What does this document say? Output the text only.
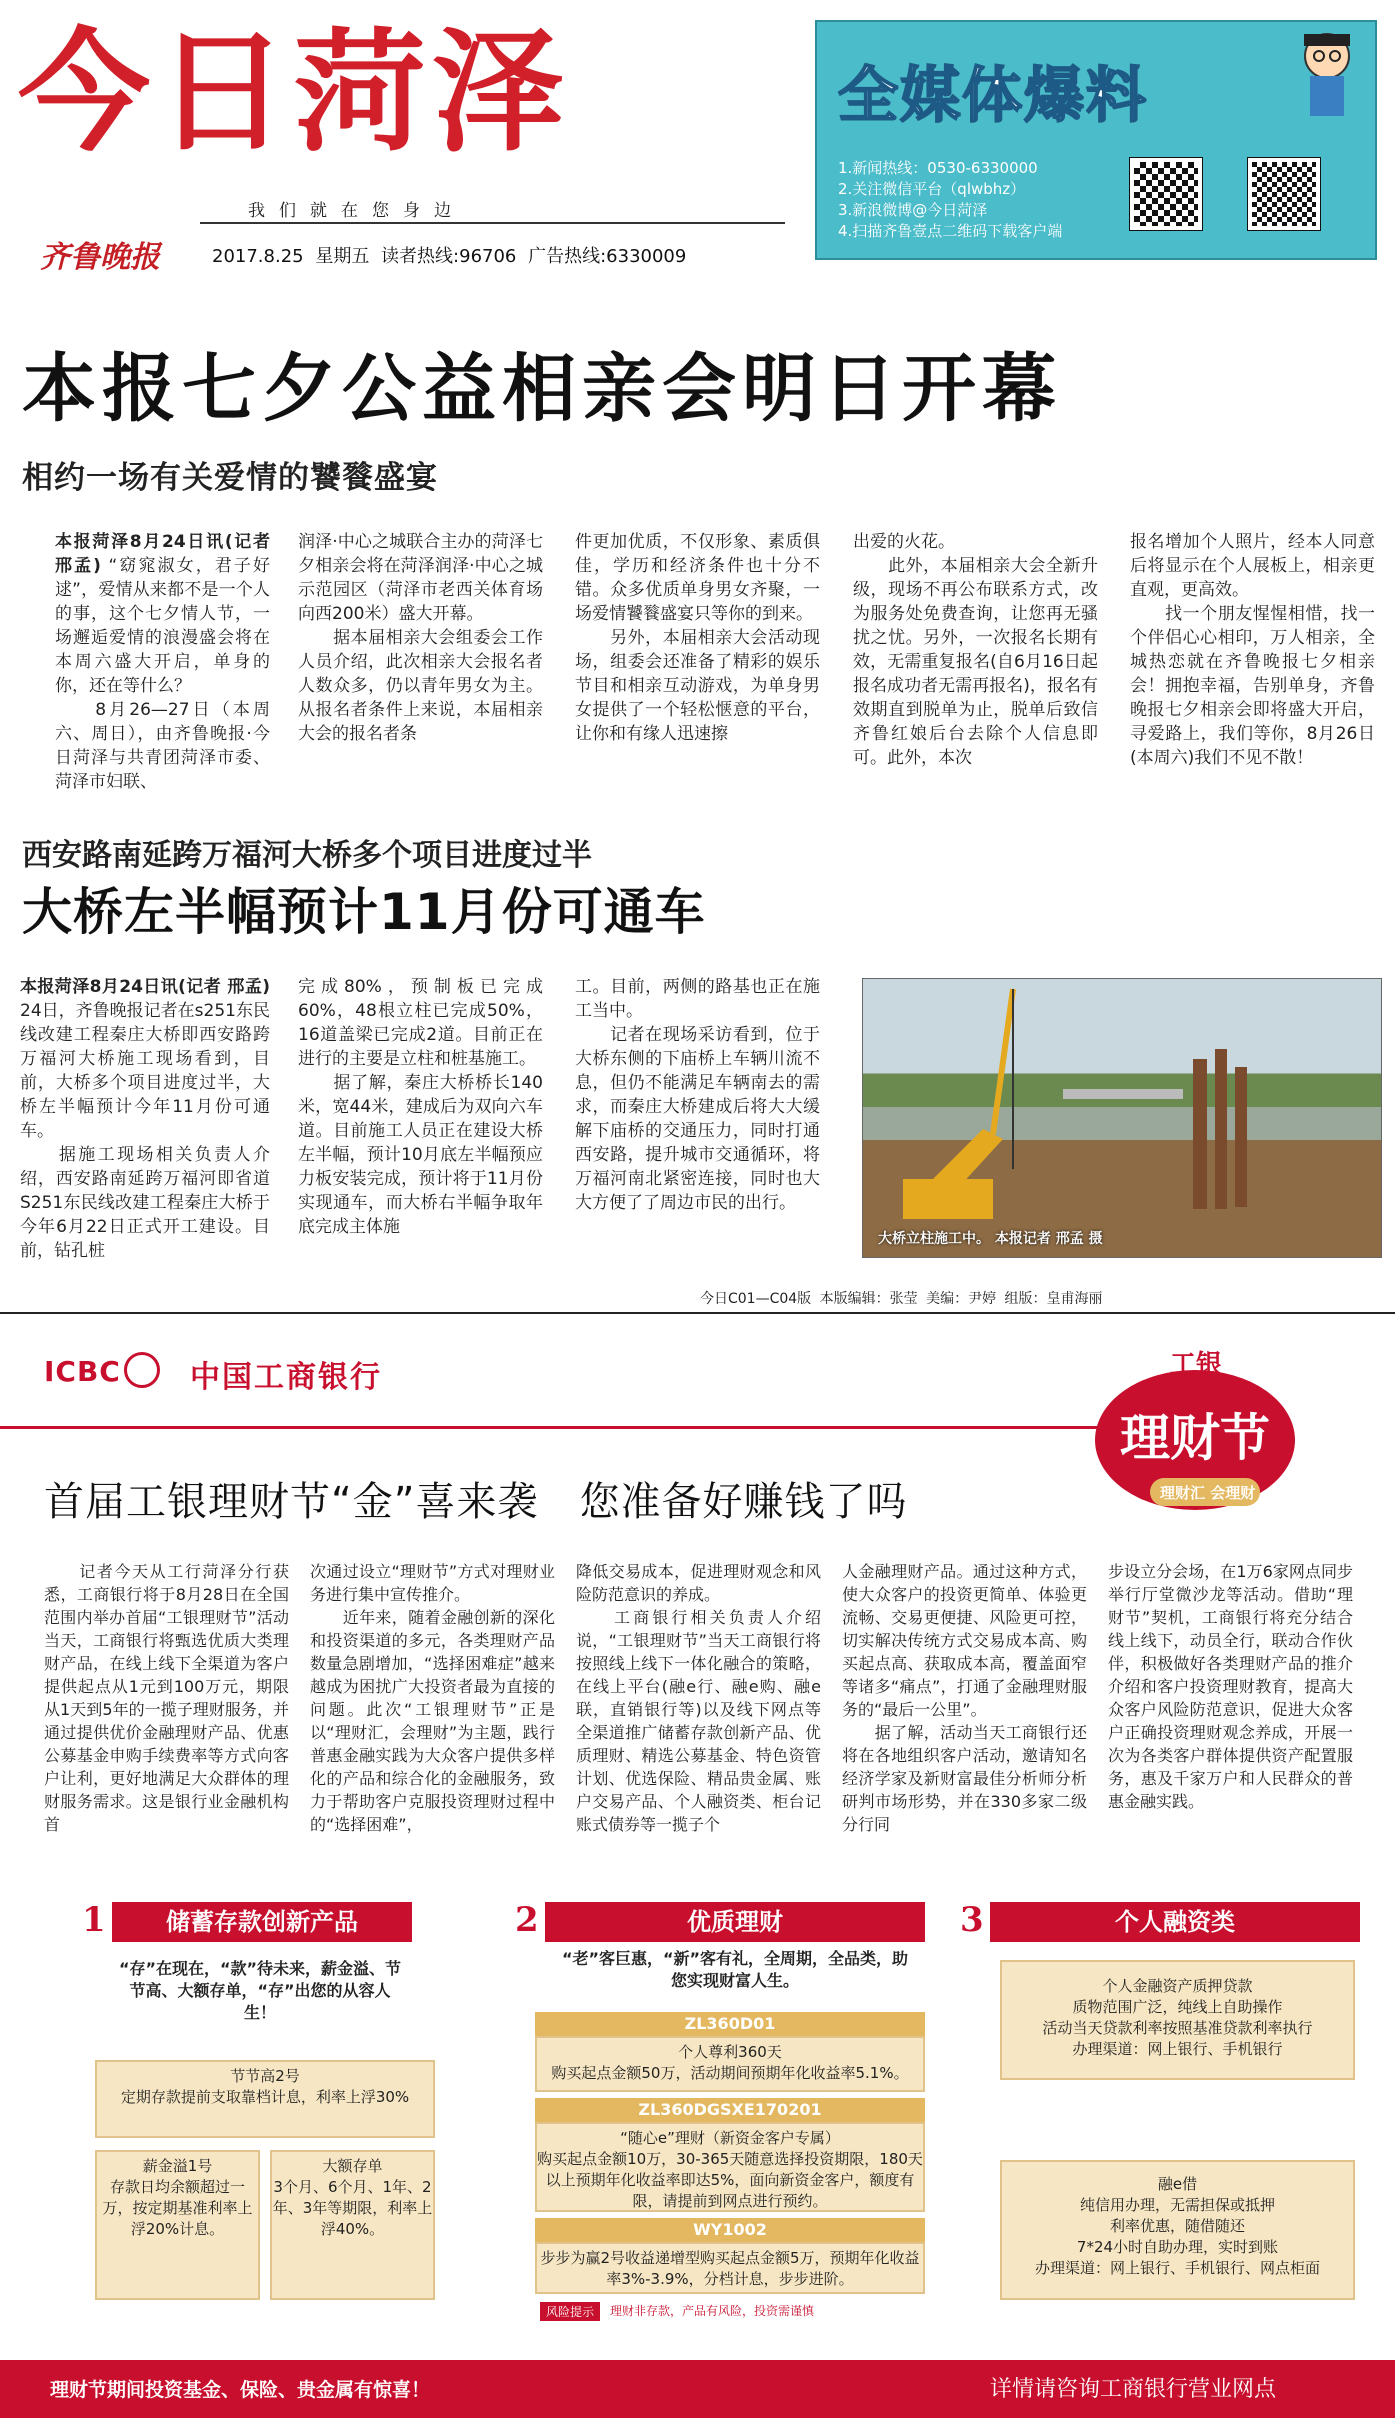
今日菏泽
我们就在您身边
齐鲁晚报	2017.8.25 星期五 读者热线:96706 广告热线:6330009
全媒体爆料
1.新闻热线：0530-6330000
2.关注微信平台（qlwbhz）
3.新浪微博@今日菏泽
4.扫描齐鲁壹点二维码下载客户端
本报七夕公益相亲会明日开幕
相约一场有关爱情的饕餮盛宴
本报菏泽8月24日讯(记者 邢孟) “窈窕淑女，君子好逑”，爱情从来都不是一个人的事，这个七夕情人节，一场邂逅爱情的浪漫盛会将在本周六盛大开启，单身的你，还在等什么？
　　8月26—27日（本周六、周日），由齐鲁晚报·今日菏泽与共青团菏泽市委、菏泽市妇联、
润泽·中心之城联合主办的菏泽七夕相亲会将在菏泽润泽·中心之城示范园区（菏泽市老西关体育场向西200米）盛大开幕。
　　据本届相亲大会组委会工作人员介绍，此次相亲大会报名者人数众多，仍以青年男女为主。从报名者条件上来说，本届相亲大会的报名者条
件更加优质，不仅形象、素质俱佳，学历和经济条件也十分不错。众多优质单身男女齐聚，一场爱情饕餮盛宴只等你的到来。
　　另外，本届相亲大会活动现场，组委会还准备了精彩的娱乐节目和相亲互动游戏，为单身男女提供了一个轻松惬意的平台，让你和有缘人迅速擦
出爱的火花。
　　此外，本届相亲大会全新升级，现场不再公布联系方式，改为服务处免费查询，让您再无骚扰之忧。另外，一次报名长期有效，无需重复报名(自6月16日起报名成功者无需再报名)，报名有效期直到脱单为止，脱单后致信齐鲁红娘后台去除个人信息即可。此外，本次
报名增加个人照片，经本人同意后将显示在个人展板上，相亲更直观，更高效。
　　找一个朋友惺惺相惜，找一个伴侣心心相印，万人相亲，全城热恋就在齐鲁晚报七夕相亲会！拥抱幸福，告别单身，齐鲁晚报七夕相亲会即将盛大开启，寻爱路上，我们等你，8月26日(本周六)我们不见不散！
西安路南延跨万福河大桥多个项目进度过半
大桥左半幅预计11月份可通车
本报菏泽8月24日讯(记者 邢孟) 24日，齐鲁晚报记者在s251东民线改建工程秦庄大桥即西安路跨万福河大桥施工现场看到，目前，大桥多个项目进度过半，大桥左半幅预计今年11月份可通车。
　　据施工现场相关负责人介绍，西安路南延跨万福河即省道S251东民线改建工程秦庄大桥于今年6月22日正式开工建设。目前，钻孔桩
完成80%，预制板已完成60%，48根立柱已完成50%，16道盖梁已完成2道。目前正在进行的主要是立柱和桩基施工。
　　据了解，秦庄大桥桥长140米，宽44米，建成后为双向六车道。目前施工人员正在建设大桥左半幅，预计10月底左半幅预应力板安装完成，预计将于11月份实现通车，而大桥右半幅争取年底完成主体施
工。目前，两侧的路基也正在施工当中。
　　记者在现场采访看到，位于大桥东侧的下庙桥上车辆川流不息，但仍不能满足车辆南去的需求，而秦庄大桥建成后将大大缓解下庙桥的交通压力，同时打通西安路，提升城市交通循环，将万福河南北紧密连接，同时也大大方便了了周边市民的出行。
大桥立柱施工中。 本报记者 邢孟 摄
今日C01—C04版 本版编辑：张莹 美编：尹婷 组版：皇甫海丽
ICBC 中国工商银行	工银
理财节
理财汇 会理财
首届工银理财节“金”喜来袭　您准备好赚钱了吗
　　记者今天从工行菏泽分行获悉，工商银行将于8月28日在全国范围内举办首届“工银理财节”活动当天，工商银行将甄选优质大类理财产品，在线上线下全渠道为客户提供起点从1元到100万元，期限从1天到5年的一揽子理财服务，并通过提供优价金融理财产品、优惠公募基金申购手续费率等方式向客户让利，更好地满足大众群体的理财服务需求。这是银行业金融机构首
次通过设立“理财节”方式对理财业务进行集中宣传推介。
　　近年来，随着金融创新的深化和投资渠道的多元，各类理财产品数量急剧增加，“选择困难症”越来越成为困扰广大投资者最为直接的问题。此次“工银理财节”正是以“理财汇，会理财”为主题，践行普惠金融实践为大众客户提供多样化的产品和综合化的金融服务，致力于帮助客户克服投资理财过程中的“选择困难”，
降低交易成本，促进理财观念和风险防范意识的养成。
　　工商银行相关负责人介绍说，“工银理财节”当天工商银行将按照线上线下一体化融合的策略，在线上平台(融e行、融e购、融e联，直销银行等)以及线下网点等全渠道推广储蓄存款创新产品、优质理财、精选公募基金、特色资管计划、优选保险、精品贵金属、账户交易产品、个人融资类、柜台记账式债券等一揽子个
人金融理财产品。通过这种方式，使大众客户的投资更简单、体验更流畅、交易更便捷、风险更可控，切实解决传统方式交易成本高、购买起点高、获取成本高，覆盖面窄等诸多“痛点”，打通了金融理财服务的“最后一公里”。
　　据了解，活动当天工商银行还将在各地组织客户活动，邀请知名经济学家及新财富最佳分析师分析研判市场形势，并在330多家二级分行同
步设立分会场，在1万6家网点同步举行厅堂微沙龙等活动。借助“理财节”契机，工商银行将充分结合线上线下，动员全行，联动合作伙伴，积极做好各类理财产品的推介介绍和客户投资理财教育，提高大众客户风险防范意识，促进大众客户正确投资理财观念养成，开展一次为各类客户群体提供资产配置服务，惠及千家万户和人民群众的普惠金融实践。
1	储蓄存款创新产品	2	优质理财	3	个人融资类
“存”在现在，“款”待未来，薪金溢、节节高、大额存单，“存”出您的从容人生！
节节高2号
定期存款提前支取靠档计息，利率上浮30%
薪金溢1号
存款日均余额超过一万，按定期基准利率上浮20%计息。
大额存单
3个月、6个月、1年、2年、3年等期限，利率上浮40%。
“老”客巨惠，“新”客有礼，全周期，全品类，助您实现财富人生。
ZL360D01
个人尊利360天
购买起点金额50万，活动期间预期年化收益率5.1%。
ZL360DGSXE170201
“随心e”理财（新资金客户专属）
购买起点金额10万，30-365天随意选择投资期限，180天以上预期年化收益率即达5%，面向新资金客户，额度有限，请提前到网点进行预约。
WY1002
步步为赢2号收益递增型购买起点金额5万，预期年化收益率3%-3.9%，分档计息，步步进阶。
风险提示	理财非存款，产品有风险，投资需谨慎
个人金融资产质押贷款
质物范围广泛，纯线上自助操作
活动当天贷款利率按照基准贷款利率执行
办理渠道：网上银行、手机银行
融e借
纯信用办理，无需担保或抵押
利率优惠，随借随还
7*24小时自助办理，实时到账
办理渠道：网上银行、手机银行、网点柜面
理财节期间投资基金、保险、贵金属有惊喜！	详情请咨询工商银行营业网点
